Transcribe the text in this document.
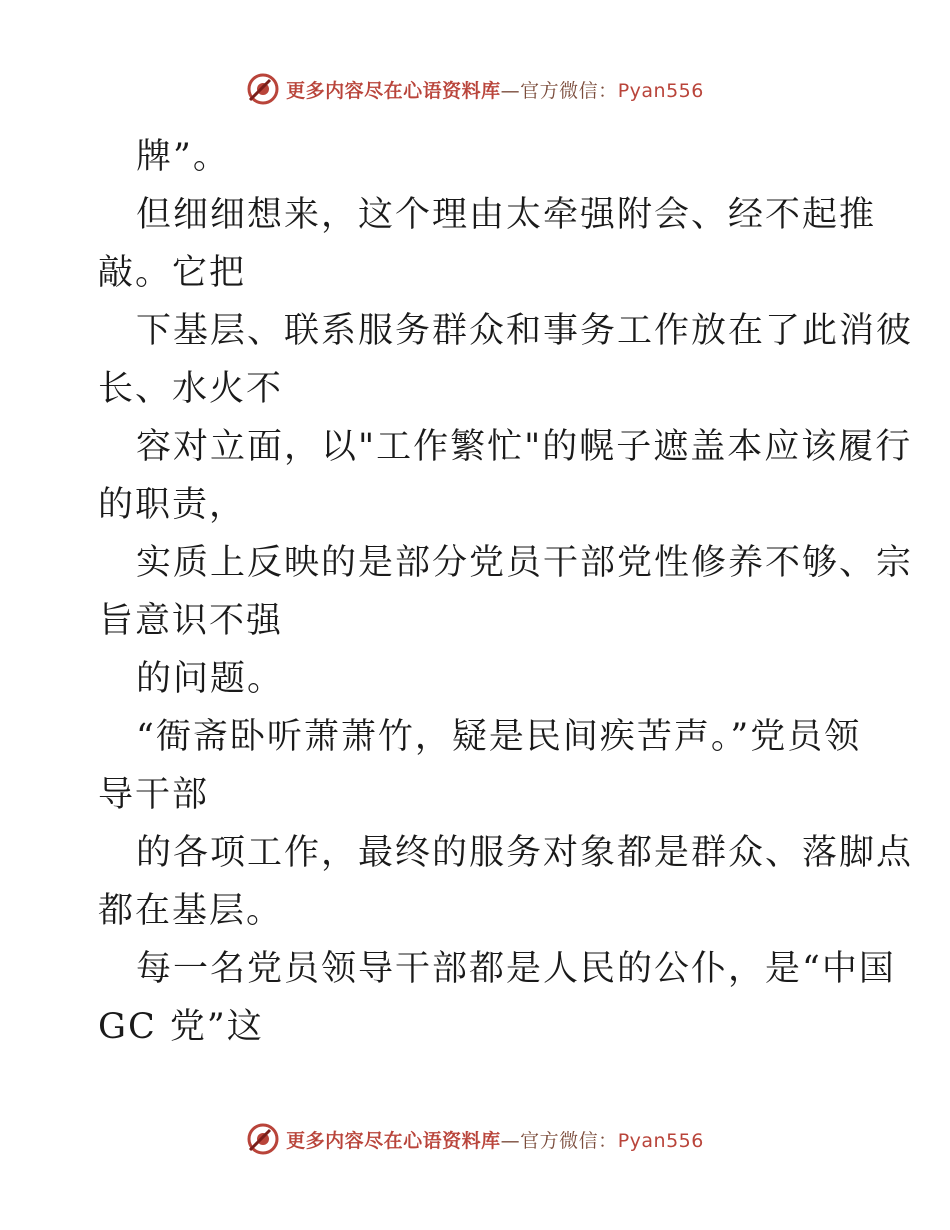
更多内容尽在心语资料库—官方微信：Pyan556
牌”。
但细细想来，这个理由太牵强附会、经不起推
敲。它把
下基层、联系服务群众和事务工作放在了此消彼
长、水火不
容对立面，以"工作繁忙"的幌子遮盖本应该履行
的职责，
实质上反映的是部分党员干部党性修养不够、宗
旨意识不强
的问题。
“衙斋卧听萧萧竹，疑是民间疾苦声。”党员领
导干部
的各项工作，最终的服务对象都是群众、落脚点
都在基层。
每一名党员领导干部都是人民的公仆，是“中国
GC 党”这
更多内容尽在心语资料库—官方微信：Pyan556
